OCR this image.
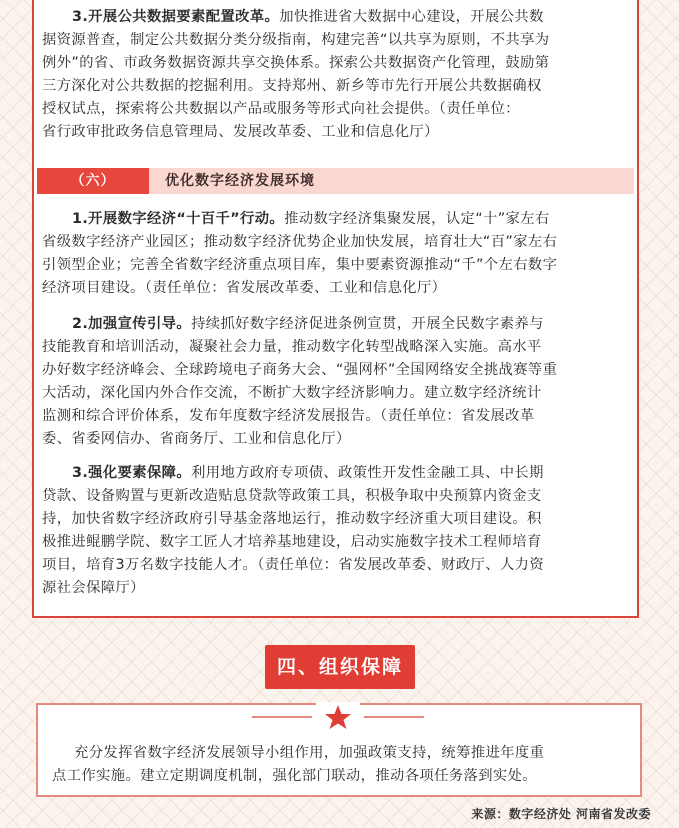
3.开展公共数据要素配置改革。加快推进省大数据中心建设，开展公共数
据资源普查，制定公共数据分类分级指南，构建完善“以共享为原则，不共享为
例外”的省、市政务数据资源共享交换体系。探索公共数据资产化管理，鼓励第
三方深化对公共数据的挖掘利用。支持郑州、新乡等市先行开展公共数据确权
授权试点，探索将公共数据以产品或服务等形式向社会提供。（责任单位：
省行政审批政务信息管理局、发展改革委、工业和信息化厅）
（六）	优化数字经济发展环境
1.开展数字经济“十百千”行动。推动数字经济集聚发展，认定“十”家左右
省级数字经济产业园区；推动数字经济优势企业加快发展，培育壮大“百”家左右
引领型企业；完善全省数字经济重点项目库，集中要素资源推动“千”个左右数字
经济项目建设。（责任单位：省发展改革委、工业和信息化厅）
2.加强宣传引导。持续抓好数字经济促进条例宣贯，开展全民数字素养与
技能教育和培训活动，凝聚社会力量，推动数字化转型战略深入实施。高水平
办好数字经济峰会、全球跨境电子商务大会、“强网杯”全国网络安全挑战赛等重
大活动，深化国内外合作交流，不断扩大数字经济影响力。建立数字经济统计
监测和综合评价体系，发布年度数字经济发展报告。（责任单位：省发展改革
委、省委网信办、省商务厅、工业和信息化厅）
3.强化要素保障。利用地方政府专项债、政策性开发性金融工具、中长期
贷款、设备购置与更新改造贴息贷款等政策工具，积极争取中央预算内资金支
持，加快省数字经济政府引导基金落地运行，推动数字经济重大项目建设。积
极推进鲲鹏学院、数字工匠人才培养基地建设，启动实施数字技术工程师培育
项目，培育3万名数字技能人才。（责任单位：省发展改革委、财政厅、人力资
源社会保障厅）
四、组织保障
充分发挥省数字经济发展领导小组作用，加强政策支持，统筹推进年度重
点工作实施。建立定期调度机制，强化部门联动，推动各项任务落到实处。
来源：数字经济处 河南省发改委
